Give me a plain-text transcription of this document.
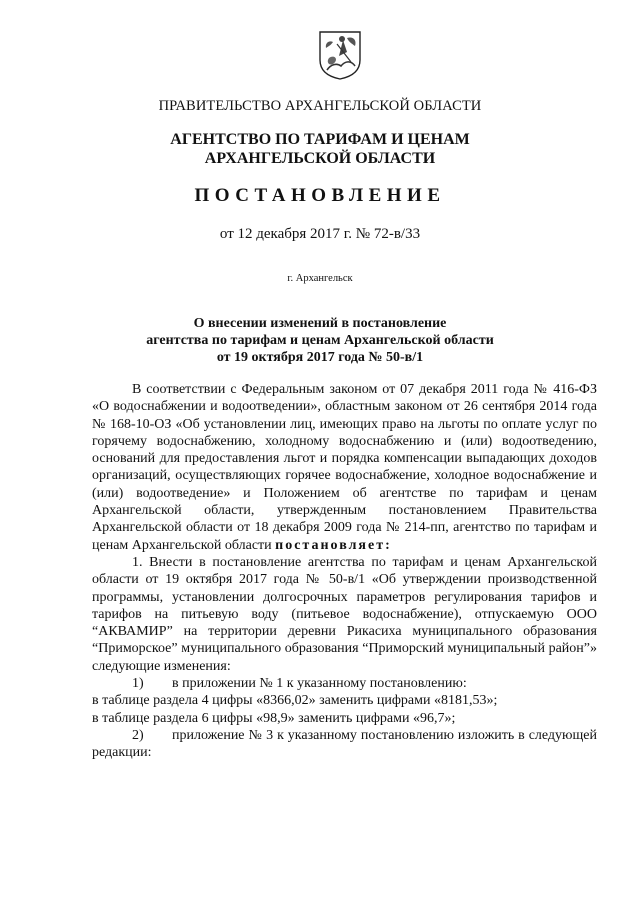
ПРАВИТЕЛЬСТВО АРХАНГЕЛЬСКОЙ ОБЛАСТИ
АГЕНТСТВО ПО ТАРИФАМ И ЦЕНАМ
АРХАНГЕЛЬСКОЙ ОБЛАСТИ
ПОСТАНОВЛЕНИЕ
от 12 декабря 2017 г. № 72-в/33
г. Архангельск
О внесении изменений в постановление
агентства по тарифам и ценам Архангельской области
от 19 октября 2017 года № 50-в/1

В соответствии с Федеральным законом от 07 декабря 2011 года № 416-ФЗ «О водоснабжении и водоотведении», областным законом от 26 сентября 2014 года № 168-10-ОЗ «Об установлении лиц, имеющих право на льготы по оплате услуг по горячему водоснабжению, холодному водоснабжению и (или) водоотведению, оснований для предоставления льгот и порядка компенсации выпадающих доходов организаций, осуществляющих горячее водоснабжение, холодное водоснабжение и (или) водоотведение» и Положением об агентстве по тарифам и ценам Архангельской области, утвержденным постановлением Правительства Архангельской области от 18 декабря 2009 года № 214-пп, агентство по тарифам и ценам Архангельской области постановляет:

1. Внести в постановление агентства по тарифам и ценам Архангельской области от 19 октября 2017 года № 50-в/1 «Об утверждении производственной программы, установлении долгосрочных параметров регулирования тарифов и тарифов на питьевую воду (питьевое водоснабжение), отпускаемую ООО “АКВАМИР” на территории деревни Рикасиха муниципального образования “Приморское” муниципального образования “Приморский муниципальный район”» следующие изменения:

1) в приложении № 1 к указанному постановлению:

в таблице раздела 4 цифры «8366,02» заменить цифрами «8181,53»;

в таблице раздела 6 цифры «98,9» заменить цифрами «96,7»;

2) приложение № 3 к указанному постановлению изложить в следующей редакции:
